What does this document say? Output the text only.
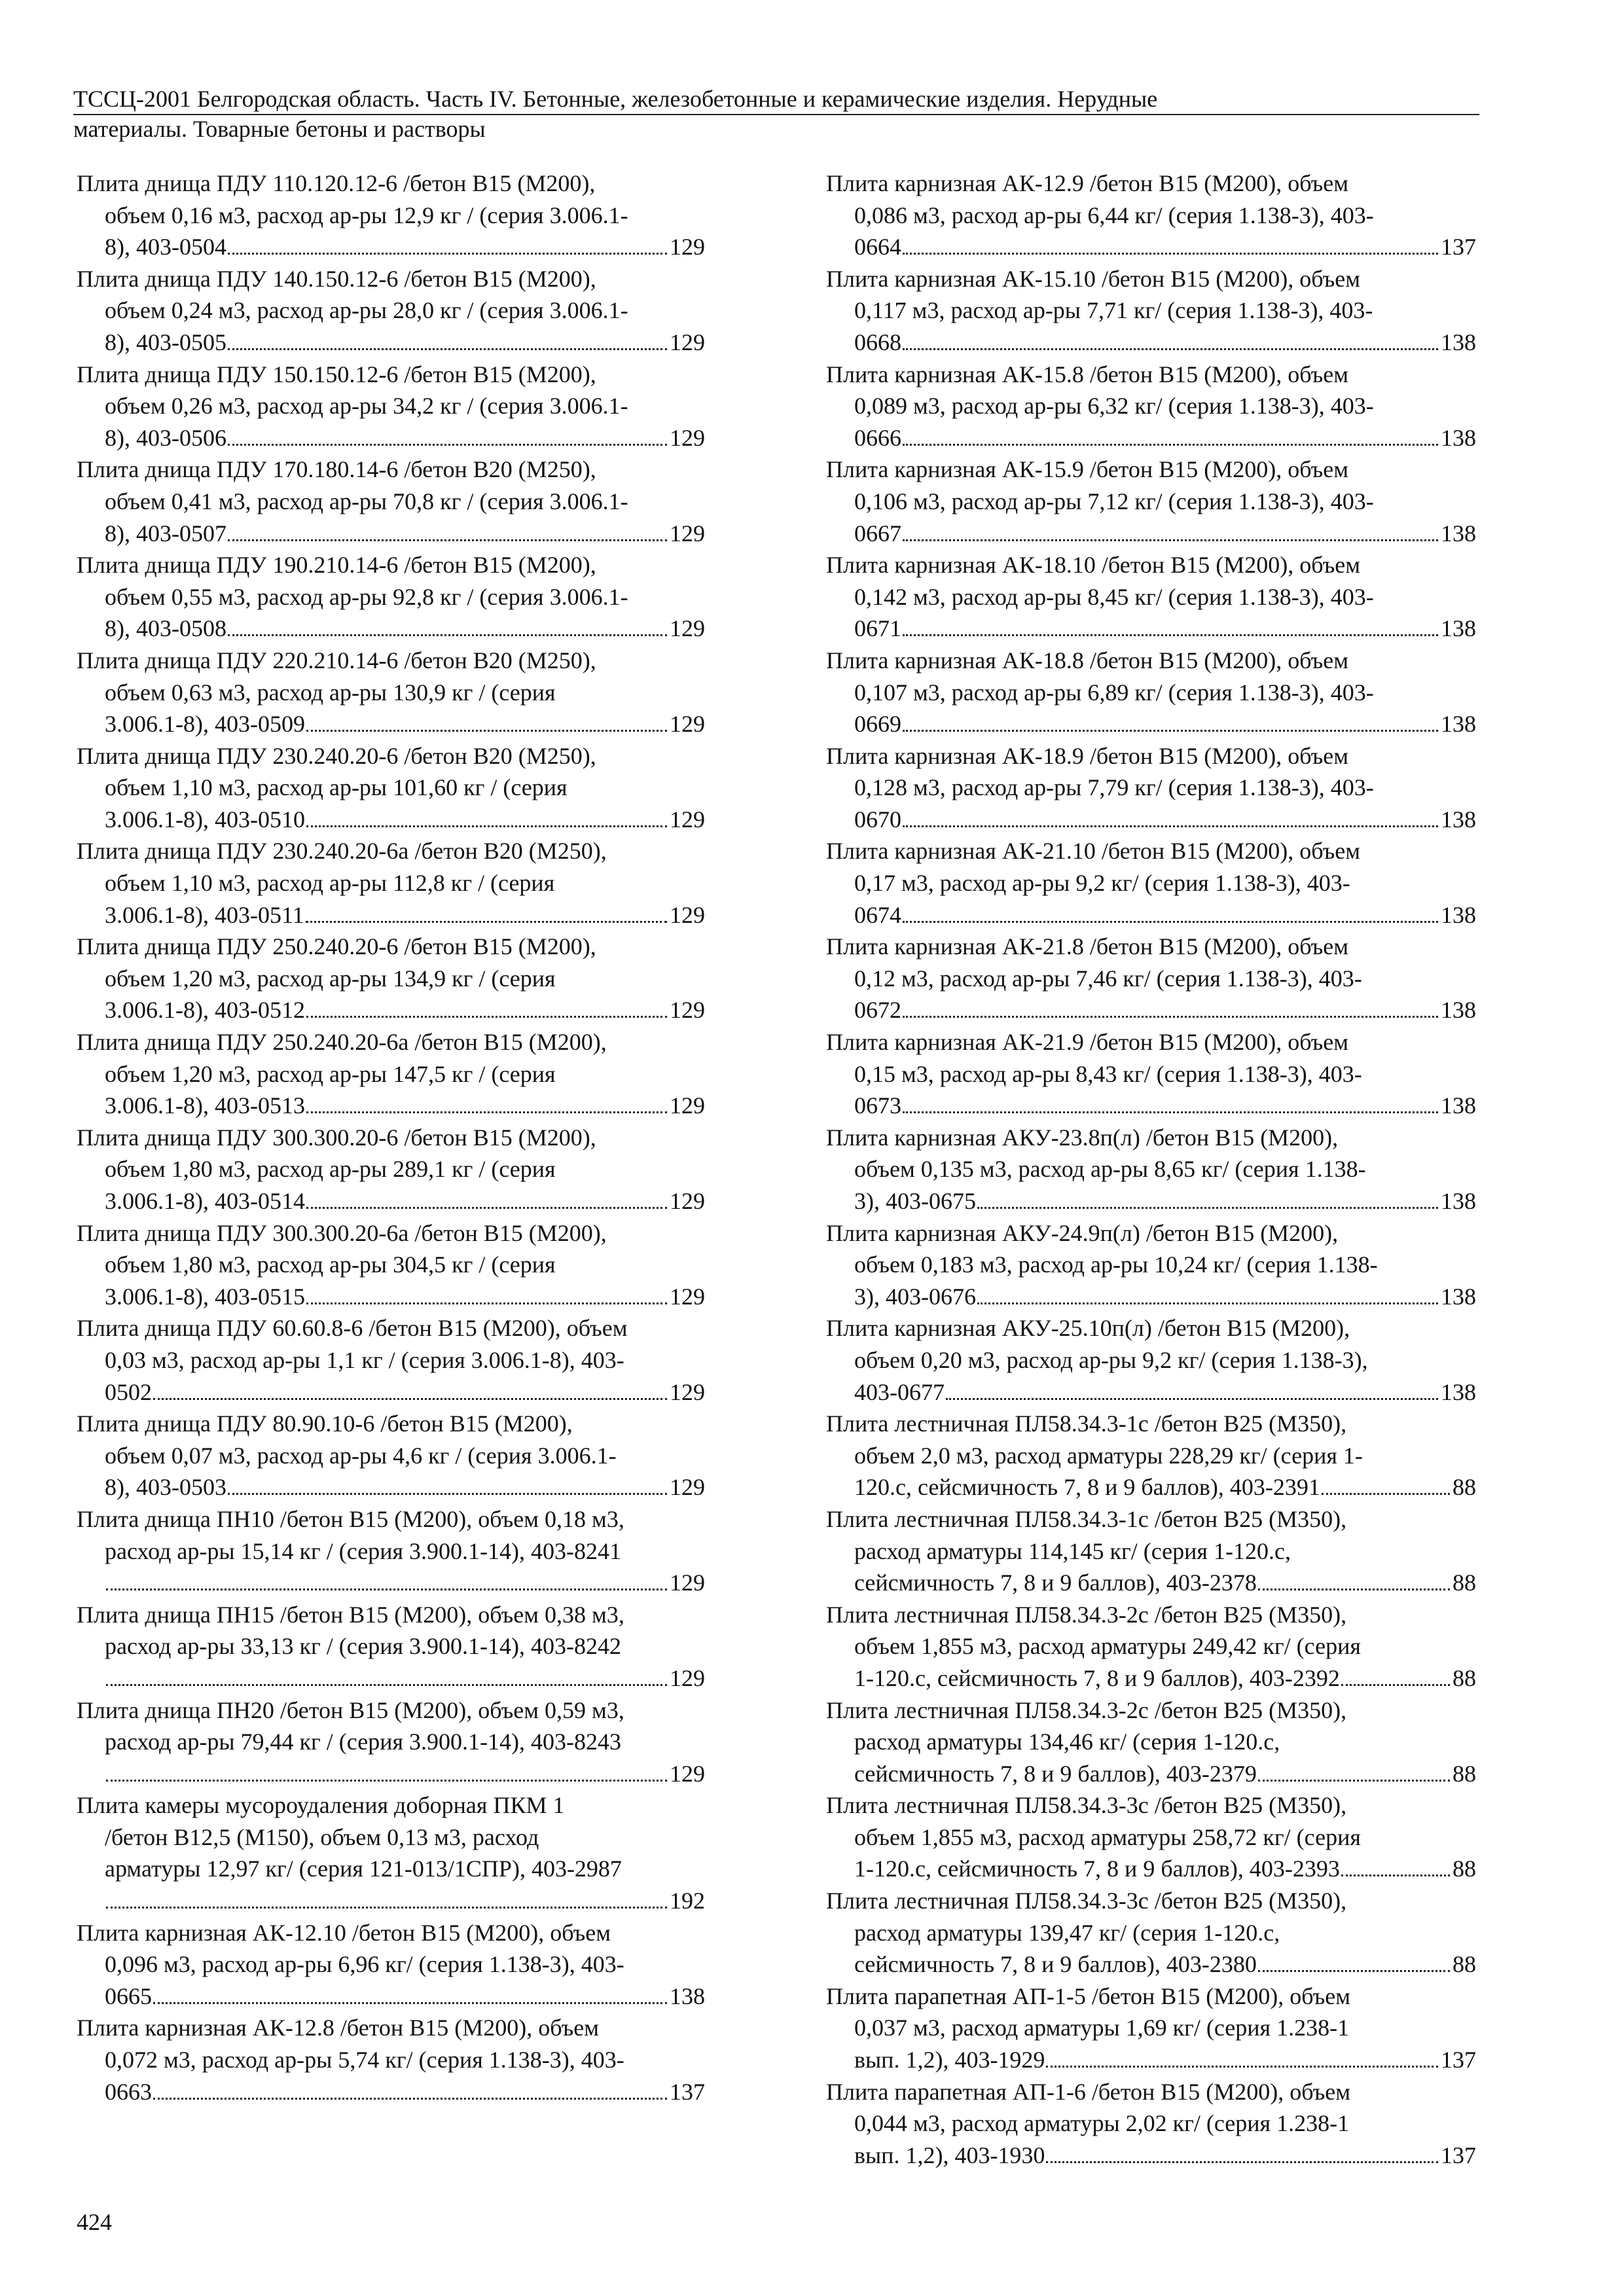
ТССЦ-2001 Белгородская область. Часть IV. Бетонные, железобетонные и керамические изделия. Нерудные
материалы. Товарные бетоны и растворы
Плита днища ПДУ 110.120.12-6 /бетон В15 (М200),
объем 0,16 м3, расход ар-ры 12,9 кг / (серия 3.006.1-
8), 403-0504	129
Плита днища ПДУ 140.150.12-6 /бетон В15 (М200),
объем 0,24 м3, расход ар-ры 28,0 кг / (серия 3.006.1-
8), 403-0505	129
Плита днища ПДУ 150.150.12-6 /бетон В15 (М200),
объем 0,26 м3, расход ар-ры 34,2 кг / (серия 3.006.1-
8), 403-0506	129
Плита днища ПДУ 170.180.14-6 /бетон В20 (М250),
объем 0,41 м3, расход ар-ры 70,8 кг / (серия 3.006.1-
8), 403-0507	129
Плита днища ПДУ 190.210.14-6 /бетон В15 (М200),
объем 0,55 м3, расход ар-ры 92,8 кг / (серия 3.006.1-
8), 403-0508	129
Плита днища ПДУ 220.210.14-6 /бетон В20 (М250),
объем 0,63 м3, расход ар-ры 130,9 кг / (серия
3.006.1-8), 403-0509	129
Плита днища ПДУ 230.240.20-6 /бетон В20 (М250),
объем 1,10 м3, расход ар-ры 101,60 кг / (серия
3.006.1-8), 403-0510	129
Плита днища ПДУ 230.240.20-6а /бетон В20 (М250),
объем 1,10 м3, расход ар-ры 112,8 кг / (серия
3.006.1-8), 403-0511	129
Плита днища ПДУ 250.240.20-6 /бетон В15 (М200),
объем 1,20 м3, расход ар-ры 134,9 кг / (серия
3.006.1-8), 403-0512	129
Плита днища ПДУ 250.240.20-6а /бетон В15 (М200),
объем 1,20 м3, расход ар-ры 147,5 кг / (серия
3.006.1-8), 403-0513	129
Плита днища ПДУ 300.300.20-6 /бетон В15 (М200),
объем 1,80 м3, расход ар-ры 289,1 кг / (серия
3.006.1-8), 403-0514	129
Плита днища ПДУ 300.300.20-6а /бетон В15 (М200),
объем 1,80 м3, расход ар-ры 304,5 кг / (серия
3.006.1-8), 403-0515	129
Плита днища ПДУ 60.60.8-6 /бетон В15 (М200), объем
0,03 м3, расход ар-ры 1,1 кг / (серия 3.006.1-8), 403-
0502	129
Плита днища ПДУ 80.90.10-6 /бетон В15 (М200),
объем 0,07 м3, расход ар-ры 4,6 кг / (серия 3.006.1-
8), 403-0503	129
Плита днища ПН10 /бетон В15 (М200), объем 0,18 м3,
расход ар-ры 15,14 кг / (серия 3.900.1-14), 403-8241
129
Плита днища ПН15 /бетон В15 (М200), объем 0,38 м3,
расход ар-ры 33,13 кг / (серия 3.900.1-14), 403-8242
129
Плита днища ПН20 /бетон В15 (М200), объем 0,59 м3,
расход ар-ры 79,44 кг / (серия 3.900.1-14), 403-8243
129
Плита камеры мусороудаления доборная ПКМ 1
/бетон В12,5 (М150), объем 0,13 м3, расход
арматуры 12,97 кг/ (серия 121-013/1СПР), 403-2987
192
Плита карнизная АК-12.10 /бетон В15 (М200), объем
0,096 м3, расход ар-ры 6,96 кг/ (серия 1.138-3), 403-
0665	138
Плита карнизная АК-12.8 /бетон В15 (М200), объем
0,072 м3, расход ар-ры 5,74 кг/ (серия 1.138-3), 403-
0663	137
Плита карнизная АК-12.9 /бетон В15 (М200), объем
0,086 м3, расход ар-ры 6,44 кг/ (серия 1.138-3), 403-
0664	137
Плита карнизная АК-15.10 /бетон В15 (М200), объем
0,117 м3, расход ар-ры 7,71 кг/ (серия 1.138-3), 403-
0668	138
Плита карнизная АК-15.8 /бетон В15 (М200), объем
0,089 м3, расход ар-ры 6,32 кг/ (серия 1.138-3), 403-
0666	138
Плита карнизная АК-15.9 /бетон В15 (М200), объем
0,106 м3, расход ар-ры 7,12 кг/ (серия 1.138-3), 403-
0667	138
Плита карнизная АК-18.10 /бетон В15 (М200), объем
0,142 м3, расход ар-ры 8,45 кг/ (серия 1.138-3), 403-
0671	138
Плита карнизная АК-18.8 /бетон В15 (М200), объем
0,107 м3, расход ар-ры 6,89 кг/ (серия 1.138-3), 403-
0669	138
Плита карнизная АК-18.9 /бетон В15 (М200), объем
0,128 м3, расход ар-ры 7,79 кг/ (серия 1.138-3), 403-
0670	138
Плита карнизная АК-21.10 /бетон В15 (М200), объем
0,17 м3, расход ар-ры 9,2 кг/ (серия 1.138-3), 403-
0674	138
Плита карнизная АК-21.8 /бетон В15 (М200), объем
0,12 м3, расход ар-ры 7,46 кг/ (серия 1.138-3), 403-
0672	138
Плита карнизная АК-21.9 /бетон В15 (М200), объем
0,15 м3, расход ар-ры 8,43 кг/ (серия 1.138-3), 403-
0673	138
Плита карнизная АКУ-23.8п(л) /бетон В15 (М200),
объем 0,135 м3, расход ар-ры 8,65 кг/ (серия 1.138-
3), 403-0675	138
Плита карнизная АКУ-24.9п(л) /бетон В15 (М200),
объем 0,183 м3, расход ар-ры 10,24 кг/ (серия 1.138-
3), 403-0676	138
Плита карнизная АКУ-25.10п(л) /бетон В15 (М200),
объем 0,20 м3, расход ар-ры 9,2 кг/ (серия 1.138-3),
403-0677	138
Плита лестничная ПЛ58.34.3-1с /бетон В25 (М350),
объем 2,0 м3, расход арматуры 228,29 кг/ (серия 1-
120.с, сейсмичность 7, 8 и 9 баллов), 403-2391	88
Плита лестничная ПЛ58.34.3-1с /бетон В25 (М350),
расход арматуры 114,145 кг/ (серия 1-120.с,
сейсмичность 7, 8 и 9 баллов), 403-2378	88
Плита лестничная ПЛ58.34.3-2с /бетон В25 (М350),
объем 1,855 м3, расход арматуры 249,42 кг/ (серия
1-120.с, сейсмичность 7, 8 и 9 баллов), 403-2392	88
Плита лестничная ПЛ58.34.3-2с /бетон В25 (М350),
расход арматуры 134,46 кг/ (серия 1-120.с,
сейсмичность 7, 8 и 9 баллов), 403-2379	88
Плита лестничная ПЛ58.34.3-3с /бетон В25 (М350),
объем 1,855 м3, расход арматуры 258,72 кг/ (серия
1-120.с, сейсмичность 7, 8 и 9 баллов), 403-2393	88
Плита лестничная ПЛ58.34.3-3с /бетон В25 (М350),
расход арматуры 139,47 кг/ (серия 1-120.с,
сейсмичность 7, 8 и 9 баллов), 403-2380	88
Плита парапетная АП-1-5 /бетон В15 (М200), объем
0,037 м3, расход арматуры 1,69 кг/ (серия 1.238-1
вып. 1,2), 403-1929	137
Плита парапетная АП-1-6 /бетон В15 (М200), объем
0,044 м3, расход арматуры 2,02 кг/ (серия 1.238-1
вып. 1,2), 403-1930	137
424
